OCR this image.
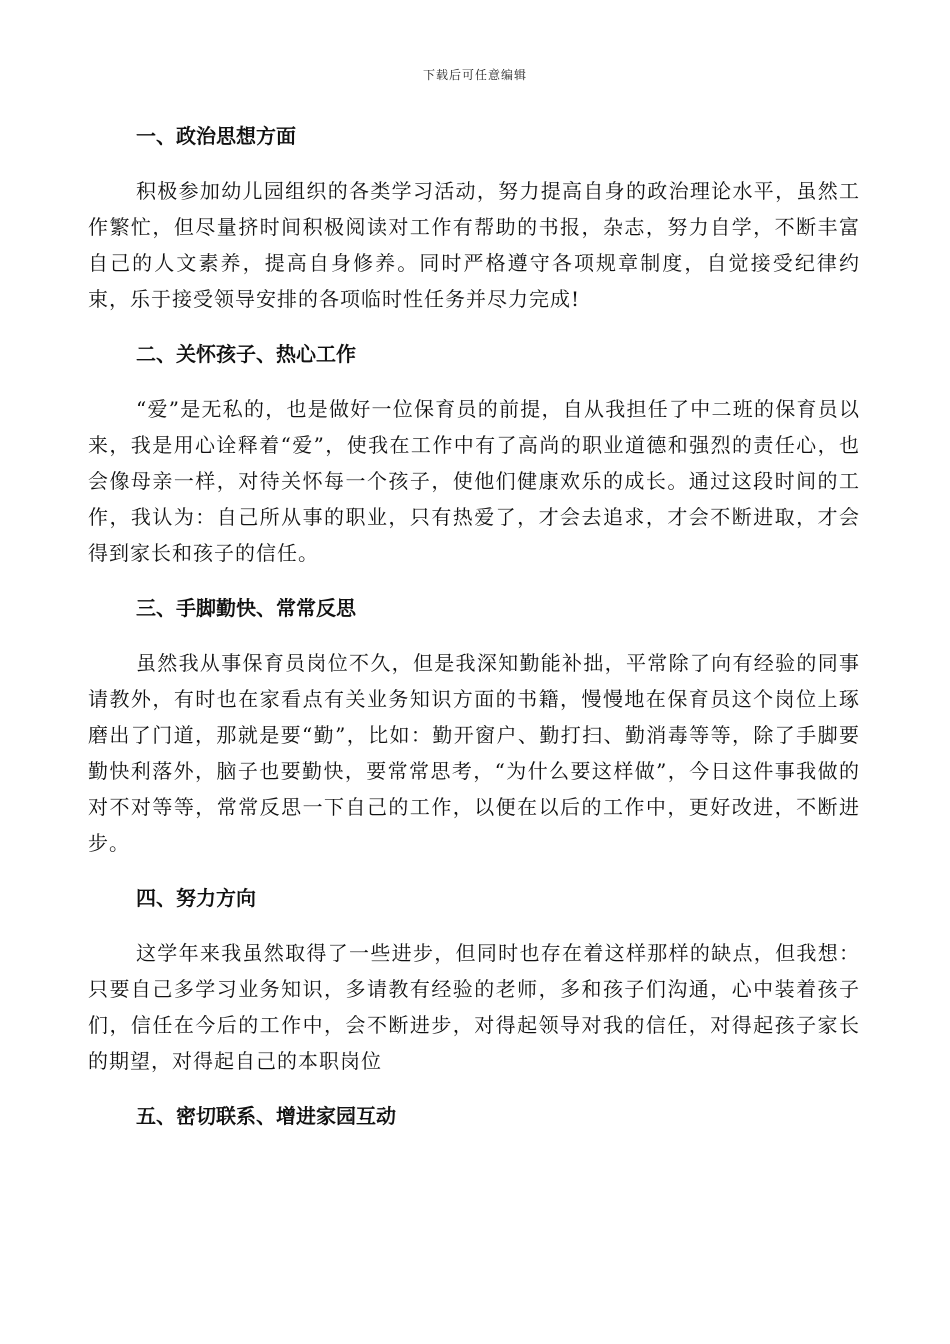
下载后可任意编辑
一、政治思想方面
积极参加幼儿园组织的各类学习活动，努力提高自身的政治理论水平，虽然工作繁忙，但尽量挤时间积极阅读对工作有帮助的书报，杂志，努力自学，不断丰富自己的人文素养，提高自身修养。同时严格遵守各项规章制度，自觉接受纪律约束，乐于接受领导安排的各项临时性任务并尽力完成!
二、关怀孩子、热心工作
“爱”是无私的，也是做好一位保育员的前提，自从我担任了中二班的保育员以来，我是用心诠释着“爱”，使我在工作中有了高尚的职业道德和强烈的责任心，也会像母亲一样，对待关怀每一个孩子，使他们健康欢乐的成长。通过这段时间的工作，我认为：自己所从事的职业，只有热爱了，才会去追求，才会不断进取，才会得到家长和孩子的信任。
三、手脚勤快、常常反思
虽然我从事保育员岗位不久，但是我深知勤能补拙，平常除了向有经验的同事请教外，有时也在家看点有关业务知识方面的书籍，慢慢地在保育员这个岗位上琢磨出了门道，那就是要“勤”，比如：勤开窗户、勤打扫、勤消毒等等，除了手脚要勤快利落外，脑子也要勤快，要常常思考，“为什么要这样做”，今日这件事我做的对不对等等，常常反思一下自己的工作，以便在以后的工作中，更好改进，不断进步。
四、努力方向
这学年来我虽然取得了一些进步，但同时也存在着这样那样的缺点，但我想：只要自己多学习业务知识，多请教有经验的老师，多和孩子们沟通，心中装着孩子们，信任在今后的工作中，会不断进步，对得起领导对我的信任，对得起孩子家长的期望，对得起自己的本职岗位
五、密切联系、增进家园互动
